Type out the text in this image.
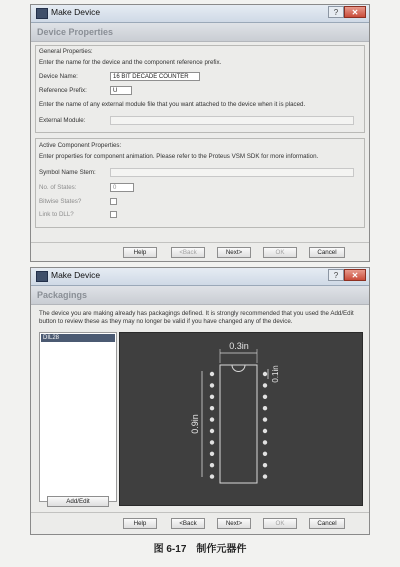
Make Device	?	✕
Device Properties
General Properties:
Enter the name for the device and the component reference prefix.
Device Name:	16 BIT DECADE COUNTER
Reference Prefix:	U
Enter the name of any external module file that you want attached to the device when it is placed.
External Module:
Active Component Properties:
Enter properties for component animation. Please refer to the Proteus VSM SDK for more information.
Symbol Name Stem:
No. of States:	0
Bitwise States?
Link to DLL?
Help	<Back	Next>	OK	Cancel
Make Device	?	✕
Packagings
The device you are making already has packagings defined. It is strongly recommended that you used the Add/Edit button to review these as they may no longer be valid if you have changed any of the device.
DIL28
0.3in
0.1in
0.9in
Add/Edit
Help	<Back	Next>	OK	Cancel
图 6-17　制作元器件
